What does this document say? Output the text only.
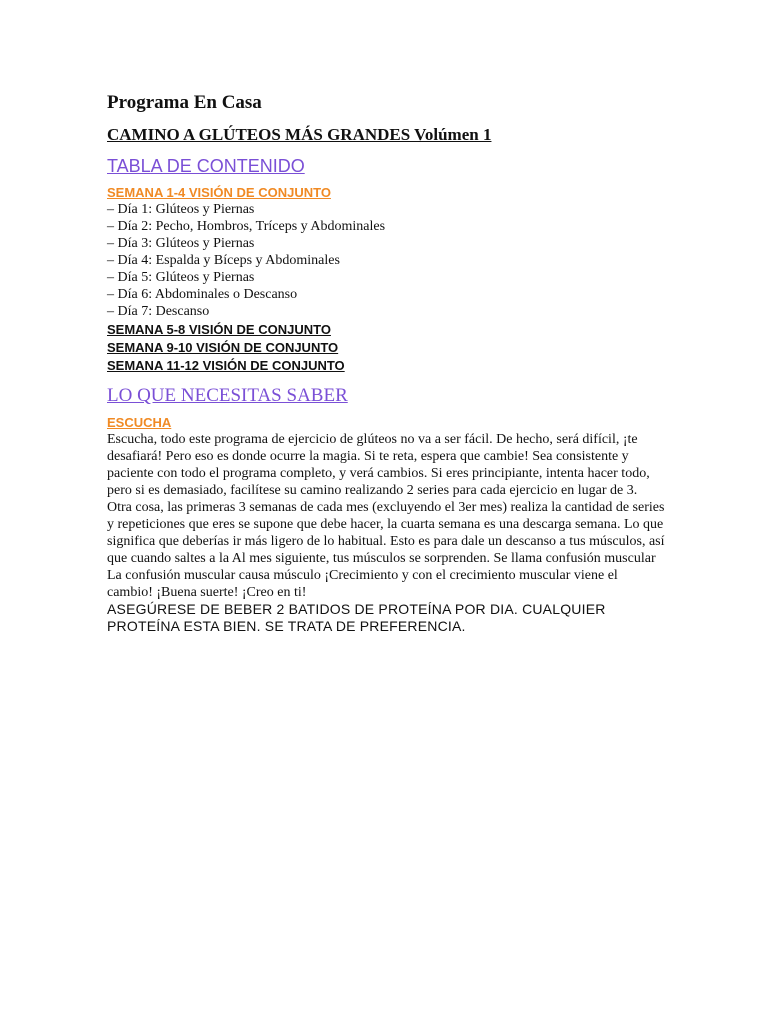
Programa En Casa
CAMINO A GLÚTEOS MÁS GRANDES Volúmen 1
TABLA DE CONTENIDO
SEMANA 1-4 VISIÓN DE CONJUNTO
– Día 1: Glúteos y Piernas
– Día 2: Pecho, Hombros, Tríceps y Abdominales
– Día 3: Glúteos y Piernas
– Día 4: Espalda y Bíceps y Abdominales
– Día 5: Glúteos y Piernas
– Día 6: Abdominales o Descanso
– Día 7: Descanso
SEMANA 5-8 VISIÓN DE CONJUNTO
SEMANA 9-10 VISIÓN DE CONJUNTO
SEMANA 11-12 VISIÓN DE CONJUNTO
LO QUE NECESITAS SABER
ESCUCHA

Escucha, todo este programa de ejercicio de glúteos no va a ser fácil. De hecho, será difícil, ¡te desafiará! Pero eso es donde ocurre la magia. Si te reta, espera que cambie! Sea consistente y paciente con todo el programa completo, y verá cambios. Si eres principiante, intenta hacer todo, pero si es demasiado, facilítese su camino realizando 2 series para cada ejercicio en lugar de 3.

Otra cosa, las primeras 3 semanas de cada mes (excluyendo el 3er mes) realiza la cantidad de series y repeticiones que eres se supone que debe hacer, la cuarta semana es una descarga semana. Lo que significa que deberías ir más ligero de lo habitual. Esto es para dale un descanso a tus músculos, así que cuando saltes a la Al mes siguiente, tus músculos se sorprenden. Se llama confusión muscular La confusión muscular causa músculo ¡Crecimiento y con el crecimiento muscular viene el cambio! ¡Buena suerte! ¡Creo en ti!

ASEGÚRESE DE BEBER 2 BATIDOS DE PROTEÍNA POR DIA. CUALQUIER PROTEÍNA ESTA BIEN. SE TRATA DE PREFERENCIA.
